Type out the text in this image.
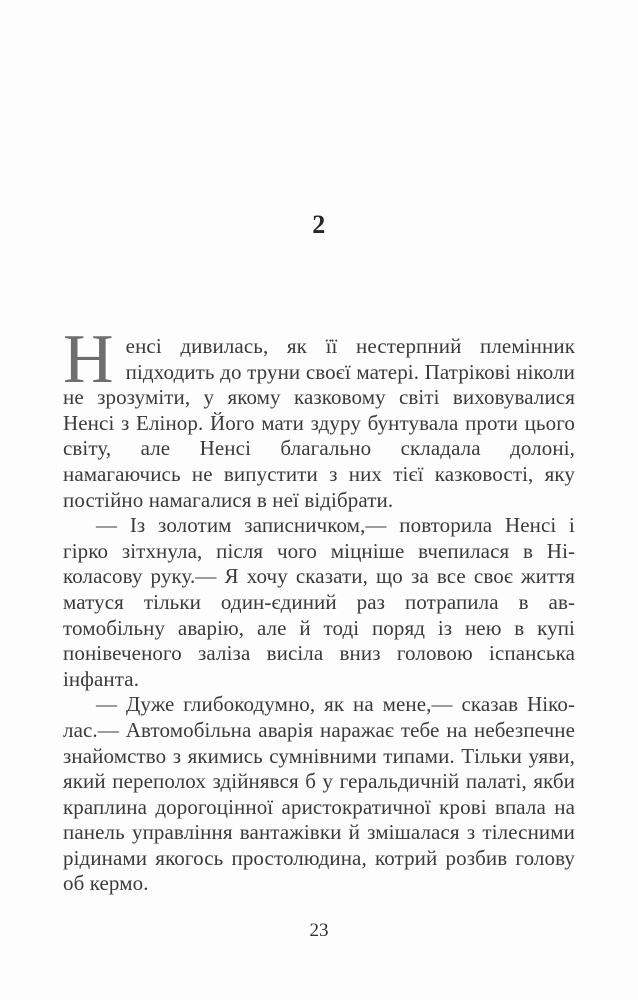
2

Ненсі дивилась, як її нестерпний племінник підходить до труни своєї матері. Патрікові ніколи не зрозуміти, у якому казковому світі виховувалися Ненсі з Елінор. Його мати здуру бунтувала проти цього світу, але Ненсі благально складала долоні, намагаючись не випустити з них тієї казковості, яку постійно намагалися в неї відібрати.

— Із золотим записничком,— повторила Ненсі і гірко зітхнула, після чого міцніше вчепилася в Ніколасову руку.— Я хочу сказати, що за все своє життя матуся тільки один-єдиний раз потрапила в автомобільну аварію, але й тоді поряд із нею в купі понівеченого заліза висіла вниз головою іспанська інфанта.

— Дуже глибокодумно, як на мене,— сказав Ніколас.— Автомобільна аварія наражає тебе на небезпечне знайомство з якимись сумнівними типами. Тільки уяви, який переполох здійнявся б у геральдичній палаті, якби краплина дорогоцінної аристократичної крові впала на панель управління вантажівки й змішалася з тілесними рідинами якогось простолюдина, котрий розбив голову об кермо.

23
